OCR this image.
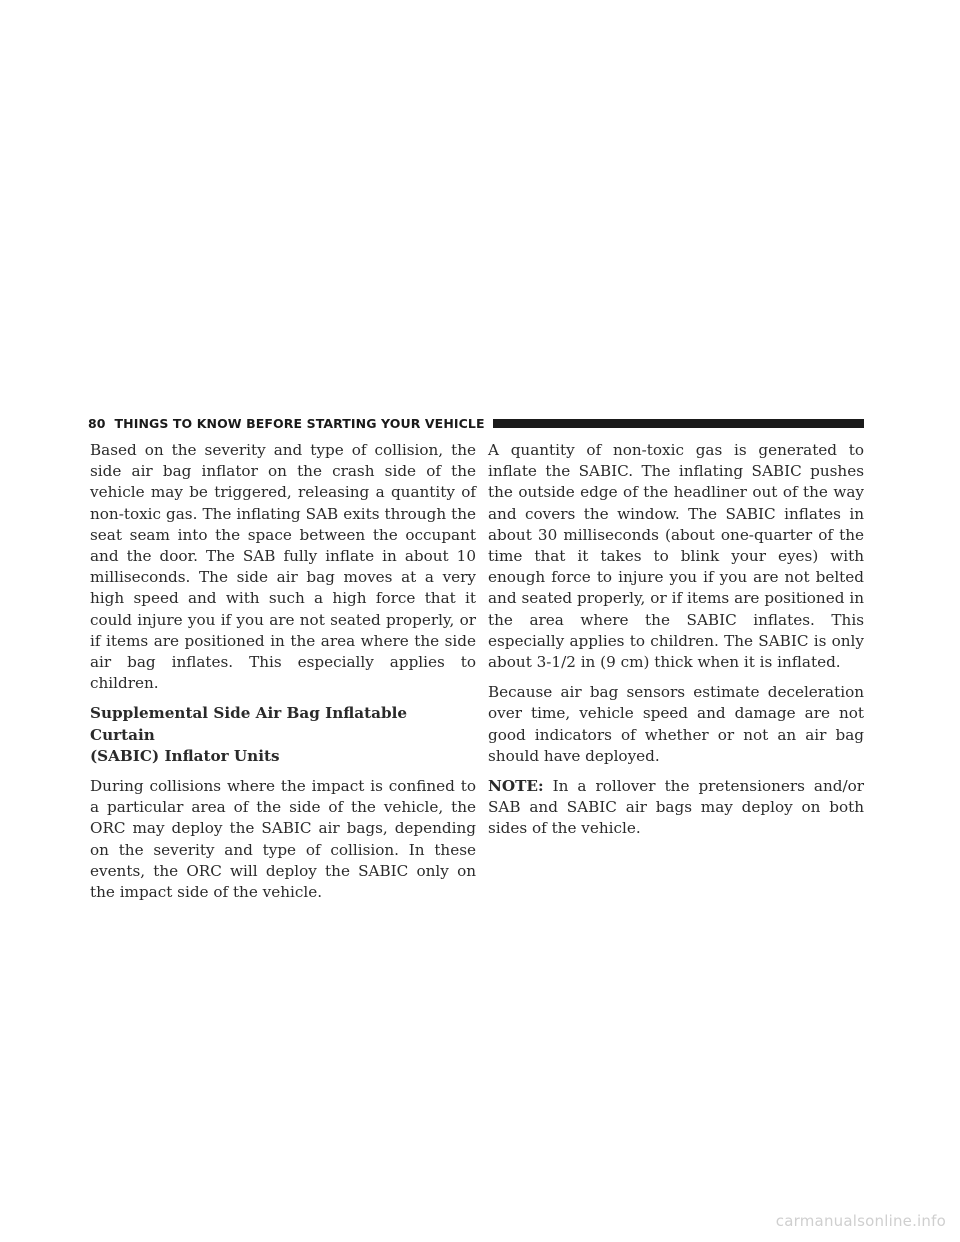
80 THINGS TO KNOW BEFORE STARTING YOUR VEHICLE

Based on the severity and type of collision, the side air bag inflator on the crash side of the vehicle may be triggered, releasing a quantity of non-toxic gas. The inflating SAB exits through the seat seam into the space between the occupant and the door. The SAB fully inflate in about 10 milliseconds. The side air bag moves at a very high speed and with such a high force that it could injure you if you are not seated properly, or if items are positioned in the area where the side air bag inflates. This especially applies to children.

Supplemental Side Air Bag Inflatable Curtain
(SABIC) Inflator Units

During collisions where the impact is confined to a particular area of the side of the vehicle, the ORC may deploy the SABIC air bags, depending on the severity and type of collision. In these events, the ORC will deploy the SABIC only on the impact side of the vehicle.

A quantity of non-toxic gas is generated to inflate the SABIC. The inflating SABIC pushes the outside edge of the headliner out of the way and covers the window. The SABIC inflates in about 30 milliseconds (about one-quarter of the time that it takes to blink your eyes) with enough force to injure you if you are not belted and seated properly, or if items are positioned in the area where the SABIC inflates. This especially applies to children. The SABIC is only about 3-1/2 in (9 cm) thick when it is inflated.

Because air bag sensors estimate deceleration over time, vehicle speed and damage are not good indicators of whether or not an air bag should have deployed.

NOTE: In a rollover the pretensioners and/or SAB and SABIC air bags may deploy on both sides of the vehicle.

carmanualsonline.info
